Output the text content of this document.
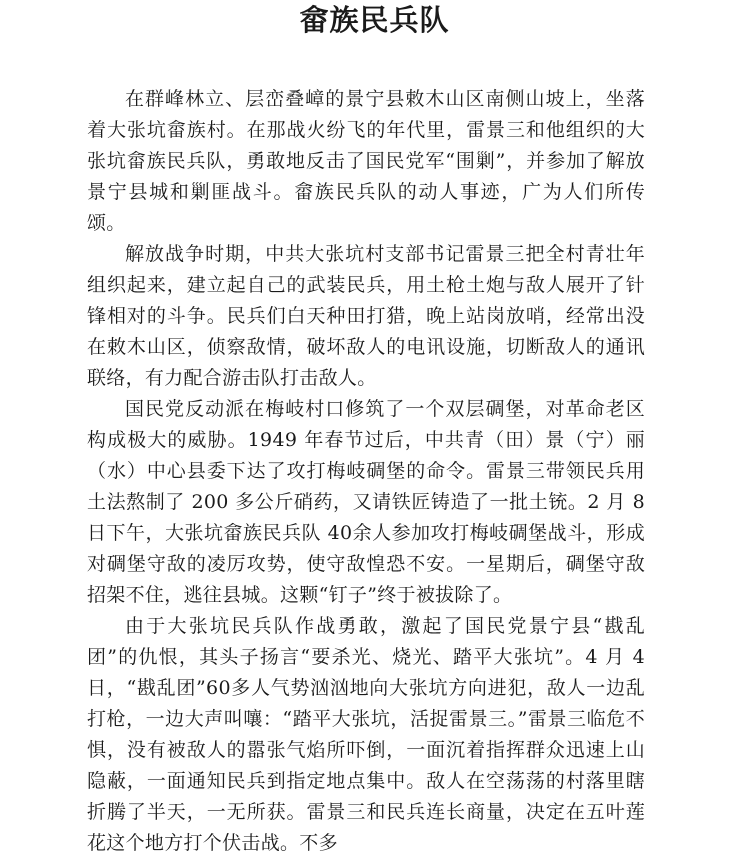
畲族民兵队

在群峰林立、层峦叠嶂的景宁县敕木山区南侧山坡上，坐落着大张坑畲族村。在那战火纷飞的年代里，雷景三和他组织的大张坑畲族民兵队，勇敢地反击了国民党军“围剿”，并参加了解放景宁县城和剿匪战斗。畲族民兵队的动人事迹，广为人们所传颂。

解放战争时期，中共大张坑村支部书记雷景三把全村青壮年组织起来，建立起自己的武装民兵，用土枪土炮与敌人展开了针锋相对的斗争。民兵们白天种田打猎，晚上站岗放哨，经常出没在敕木山区，侦察敌情，破坏敌人的电讯设施，切断敌人的通讯联络，有力配合游击队打击敌人。

国民党反动派在梅岐村口修筑了一个双层碉堡，对革命老区构成极大的威胁。1949 年春节过后，中共青（田）景（宁）丽（水）中心县委下达了攻打梅岐碉堡的命令。雷景三带领民兵用土法熬制了 200 多公斤硝药，又请铁匠铸造了一批土铳。2 月 8 日下午，大张坑畲族民兵队 40余人参加攻打梅岐碉堡战斗，形成对碉堡守敌的凌厉攻势，使守敌惶恐不安。一星期后，碉堡守敌招架不住，逃往县城。这颗“钉子”终于被拔除了。

由于大张坑民兵队作战勇敢，激起了国民党景宁县“戡乱团”的仇恨，其头子扬言“要杀光、烧光、踏平大张坑”。4 月 4 日，“戡乱团”60多人气势汹汹地向大张坑方向进犯，敌人一边乱打枪，一边大声叫嚷：“踏平大张坑，活捉雷景三。”雷景三临危不惧，没有被敌人的嚣张气焰所吓倒，一面沉着指挥群众迅速上山隐蔽，一面通知民兵到指定地点集中。敌人在空荡荡的村落里瞎折腾了半天，一无所获。雷景三和民兵连长商量，决定在五叶莲花这个地方打个伏击战。不多
